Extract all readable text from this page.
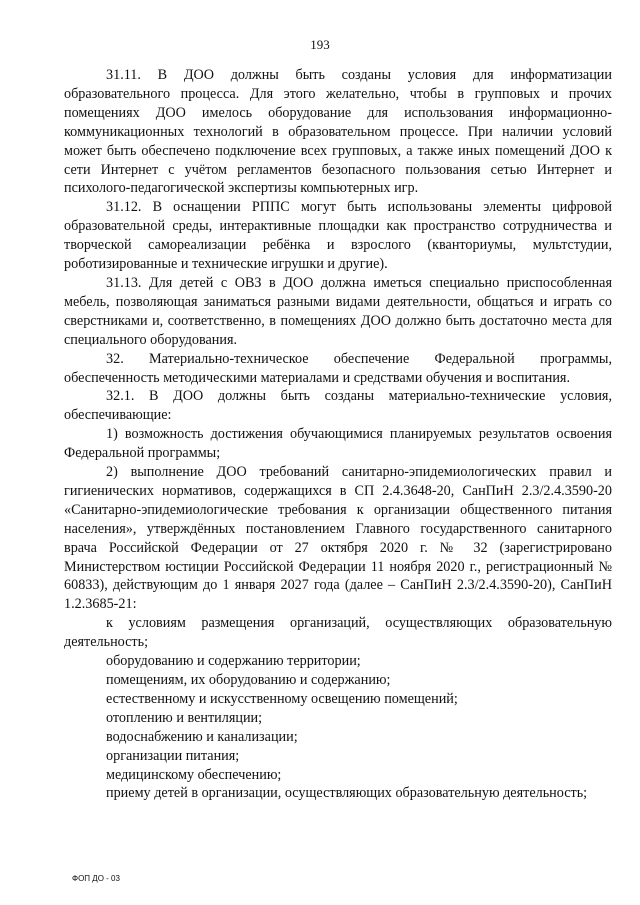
193

31.11. В ДОО должны быть созданы условия для информатизации образовательного процесса. Для этого желательно, чтобы в групповых и прочих помещениях ДОО имелось оборудование для использования информационно-коммуникационных технологий в образовательном процессе. При наличии условий может быть обеспечено подключение всех групповых, а также иных помещений ДОО к сети Интернет с учётом регламентов безопасного пользования сетью Интернет и психолого-педагогической экспертизы компьютерных игр.

31.12. В оснащении РППС могут быть использованы элементы цифровой образовательной среды, интерактивные площадки как пространство сотрудничества и творческой самореализации ребёнка и взрослого (кванториумы, мультстудии, роботизированные и технические игрушки и другие).

31.13. Для детей с ОВЗ в ДОО должна иметься специально приспособленная мебель, позволяющая заниматься разными видами деятельности, общаться и играть со сверстниками и, соответственно, в помещениях ДОО должно быть достаточно места для специального оборудования.

32. Материально-техническое обеспечение Федеральной программы, обеспеченность методическими материалами и средствами обучения и воспитания.

32.1. В ДОО должны быть созданы материально-технические условия, обеспечивающие:

1) возможность достижения обучающимися планируемых результатов освоения Федеральной программы;

2) выполнение ДОО требований санитарно-эпидемиологических правил и гигиенических нормативов, содержащихся в СП 2.4.3648-20, СанПиН 2.3/2.4.3590-20 «Санитарно-эпидемиологические требования к организации общественного питания населения», утверждённых постановлением Главного государственного санитарного врача Российской Федерации от 27 октября 2020 г. № 32 (зарегистрировано Министерством юстиции Российской Федерации 11 ноября 2020 г., регистрационный № 60833), действующим до 1 января 2027 года (далее – СанПиН 2.3/2.4.3590-20), СанПиН 1.2.3685-21:

к условиям размещения организаций, осуществляющих образовательную деятельность;

оборудованию и содержанию территории;

помещениям, их оборудованию и содержанию;

естественному и искусственному освещению помещений;

отоплению и вентиляции;

водоснабжению и канализации;

организации питания;

медицинскому обеспечению;

приему детей в организации, осуществляющих образовательную деятельность;

ФОП ДО - 03
